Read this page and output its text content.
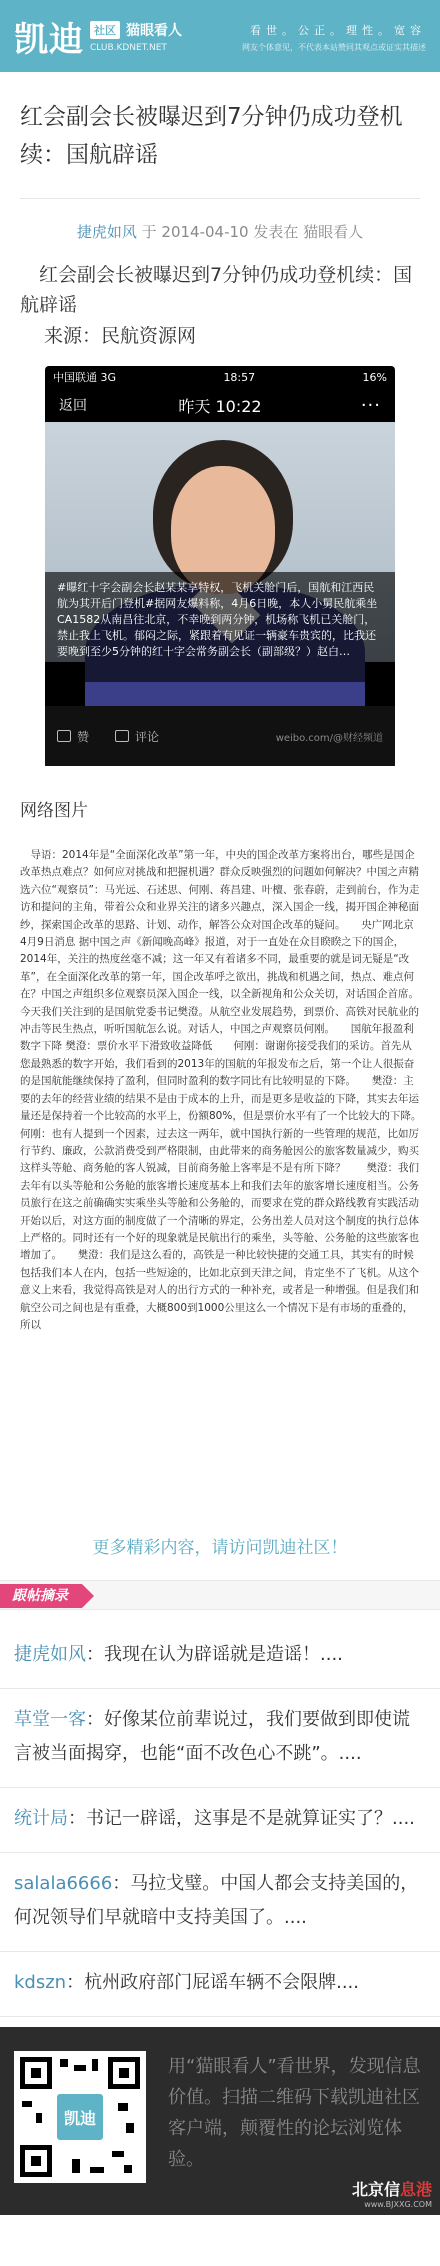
凯迪 社区 猫眼看人
CLUB.KDNET.NET
看世。公正。理性。宽容
网友个体意见，不代表本站赞同其观点或证实其描述
红会副会长被曝迟到7分钟仍成功登机续：国航辟谣
捷虎如风 于 2014-04-10 发表在 猫眼看人

红会副会长被曝迟到7分钟仍成功登机续：国航辟谣

来源：民航资源网

中国联通 3G	18:57	16%
返回	昨天 10:22	···
#曝红十字会副会长赵某某享特权，飞机关舱门后，国航和江西民航为其开后门登机#据网友爆料称，4月6日晚，本人小舅民航乘坐CA1582从南昌往北京，不幸晚到两分钟，机场称飞机已关舱门，禁止我上飞机。郁闷之际，紧跟着有见证一辆豪车贵宾的，比我还要晚到至少5分钟的红十字会常务副会长（副部级？）赵白…
赞	评论	weibo.com/@财经频道

网络图片

导语：2014年是“全面深化改革”第一年，中央的国企改革方案将出台，哪些是国企改革热点难点？如何应对挑战和把握机遇？群众反映强烈的问题如何解决？中国之声精选六位“观察员”：马光远、石述思、何刚、蒋昌建、叶檀、张春蔚，走到前台，作为走访和提问的主角，带着公众和业界关注的诸多兴趣点，深入国企一线，揭开国企神秘面纱，探索国企改革的思路、计划、动作，解答公众对国企改革的疑问。　　央广网北京4月9日消息 据中国之声《新闻晚高峰》报道，对于一直处在众目睽睽之下的国企，2014年，关注的热度丝毫不减；这一年又有着诸多不同，最重要的就是词无疑是“改革”，在全面深化改革的第一年，国企改革呼之欲出，挑战和机遇之间，热点、难点何在？中国之声组织多位观察员深入国企一线，以全新视角和公众关切，对话国企首席。今天我们关注到的是国航党委书记樊澄。从航空业发展趋势，到票价、高铁对民航业的冲击等民生热点，听听国航怎么说。对话人，中国之声观察员何刚。　　国航年报盈利数字下降 樊澄：票价水平下滑致收益降低　　何刚：谢谢你接受我们的采访。首先从您最熟悉的数字开始，我们看到的2013年的国航的年报发布之后，第一个让人很振奋的是国航能继续保持了盈利，但同时盈利的数字同比有比较明显的下降。　　樊澄：主要的去年的经营业绩的结果不是由于成本的上升，而是更多是收益的下降，其实去年运量还是保持着一个比较高的水平上，份额80%，但是票价水平有了一个比较大的下降。　　何刚：也有人提到一个因素，过去这一两年，就中国执行新的一些管理的规范，比如厉行节约、廉政，公款消费受到严格限制，由此带来的商务舱因公的旅客数量减少，购买这样头等舱、商务舱的客人锐减，目前商务舱上客率是不是有所下降？　　樊澄：我们去年有以头等舱和公务舱的旅客增长速度基本上和我们去年的旅客增长速度相当。公务员旅行在这之前确确实实乘坐头等舱和公务舱的，而要求在党的群众路线教育实践活动开始以后，对这方面的制度做了一个清晰的界定，公务出差人员对这个制度的执行总体上严格的。同时还有一个好的现象就是民航出行的乘坐，头等舱、公务舱的这些旅客也增加了。　　樊澄：我们是这么看的，高铁是一种比较快捷的交通工具，其实有的时候包括我们本人在内，包括一些短途的，比如北京到天津之间，肯定坐不了飞机。从这个意义上来看，我觉得高铁是对人的出行方式的一种补充，或者是一种增强。但是我们和航空公司之间也是有重叠，大概800到1000公里这么一个情况下是有市场的重叠的，所以

更多精彩内容，请访问凯迪社区！
跟帖摘录
捷虎如风：我现在认为辟谣就是造谣！....
草堂一客：好像某位前辈说过，我们要做到即使谎言被当面揭穿，也能“面不改色心不跳”。....
统计局：书记一辟谣，这事是不是就算证实了？....
salala6666：马拉戈璧。中国人都会支持美国的，何况领导们早就暗中支持美国了。....
kdszn：杭州政府部门屁谣车辆不会限牌....
凯迪

用“猫眼看人”看世界，发现信息价值。扫描二维码下载凯迪社区客户端，颠覆性的论坛浏览体验。

北京信息港
www.BJXXG.COM
